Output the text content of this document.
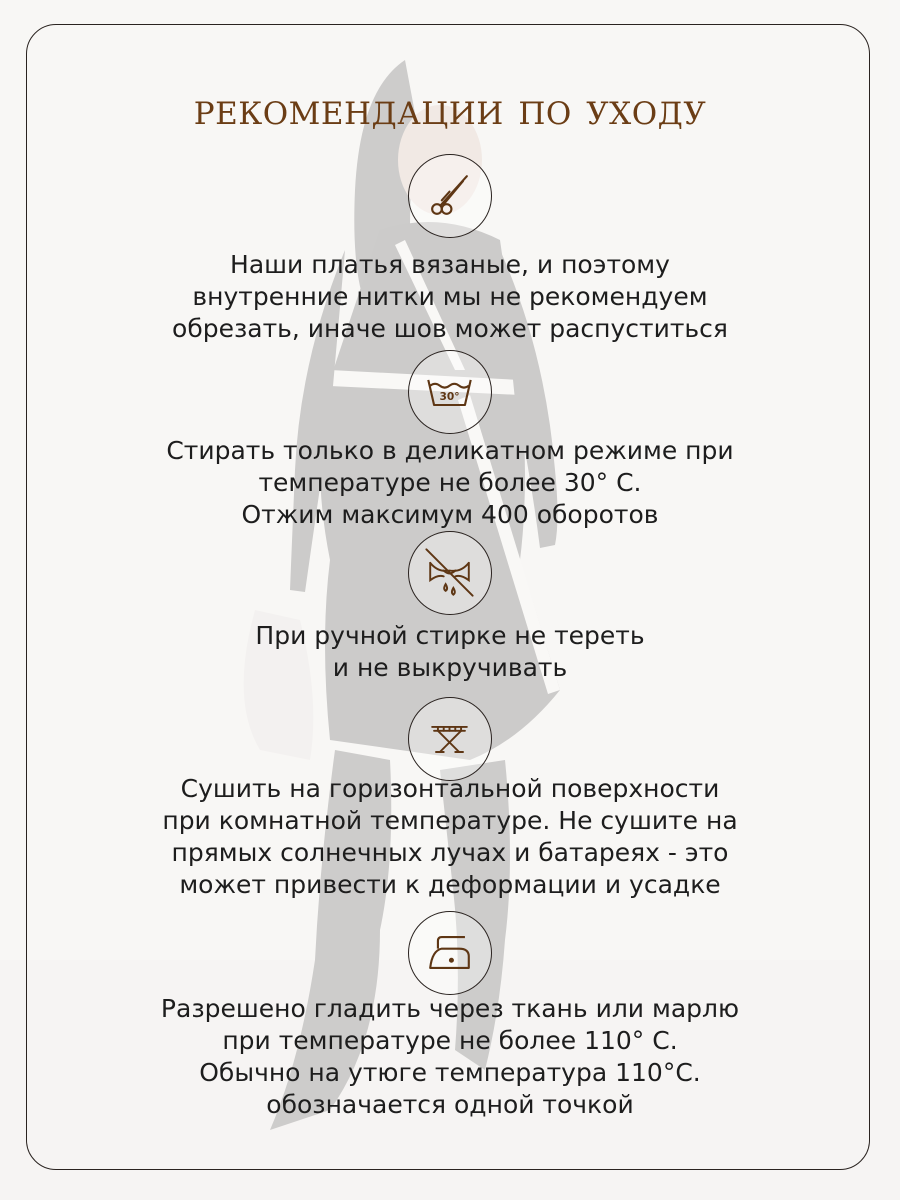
рекомендации по уходу
Наши платья вязаные, и поэтому
внутренние нитки мы не рекомендуем
обрезать, иначе шов может распуститься
30°
Стирать только в деликатном режиме при
температуре не более 30° С.
Отжим максимум 400 оборотов
При ручной стирке не тереть
и не выкручивать
Сушить на горизонтальной поверхности
при комнатной температуре. Не сушите на
прямых солнечных лучах и батареях - это
может привести к деформации и усадке
Разрешено гладить через ткань или марлю
при температуре не более 110° С.
Обычно на утюге температура 110°С.
обозначается одной точкой
